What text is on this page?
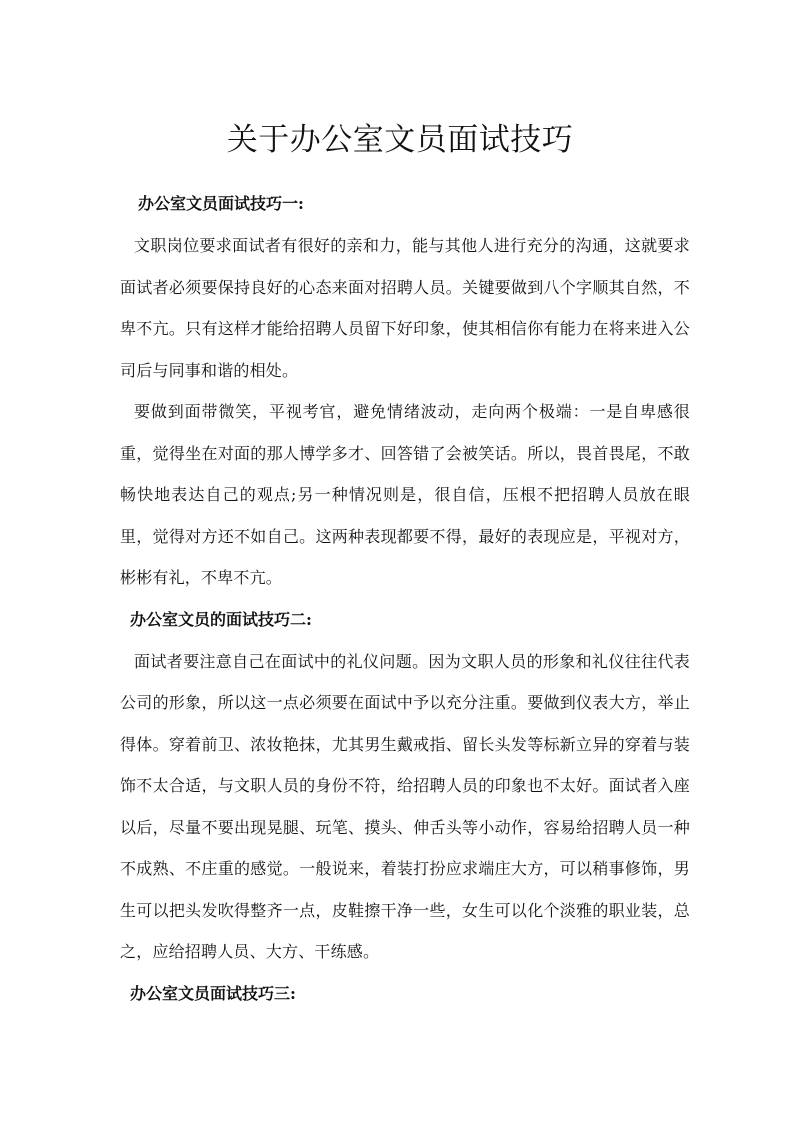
关于办公室文员面试技巧

办公室文员面试技巧一:

文职岗位要求面试者有很好的亲和力，能与其他人进行充分的沟通，这就要求面试者必须要保持良好的心态来面对招聘人员。关键要做到八个字顺其自然，不卑不亢。只有这样才能给招聘人员留下好印象，使其相信你有能力在将来进入公司后与同事和谐的相处。

要做到面带微笑，平视考官，避免情绪波动，走向两个极端：一是自卑感很重，觉得坐在对面的那人博学多才、回答错了会被笑话。所以，畏首畏尾，不敢畅快地表达自己的观点;另一种情况则是，很自信，压根不把招聘人员放在眼里，觉得对方还不如自己。这两种表现都要不得，最好的表现应是，平视对方，彬彬有礼，不卑不亢。

办公室文员的面试技巧二:

面试者要注意自己在面试中的礼仪问题。因为文职人员的形象和礼仪往往代表公司的形象，所以这一点必须要在面试中予以充分注重。要做到仪表大方，举止得体。穿着前卫、浓妆艳抹，尤其男生戴戒指、留长头发等标新立异的穿着与装饰不太合适，与文职人员的身份不符，给招聘人员的印象也不太好。面试者入座以后，尽量不要出现晃腿、玩笔、摸头、伸舌头等小动作，容易给招聘人员一种不成熟、不庄重的感觉。一般说来，着装打扮应求端庄大方，可以稍事修饰，男生可以把头发吹得整齐一点，皮鞋擦干净一些，女生可以化个淡雅的职业装，总之，应给招聘人员、大方、干练感。

办公室文员面试技巧三:
